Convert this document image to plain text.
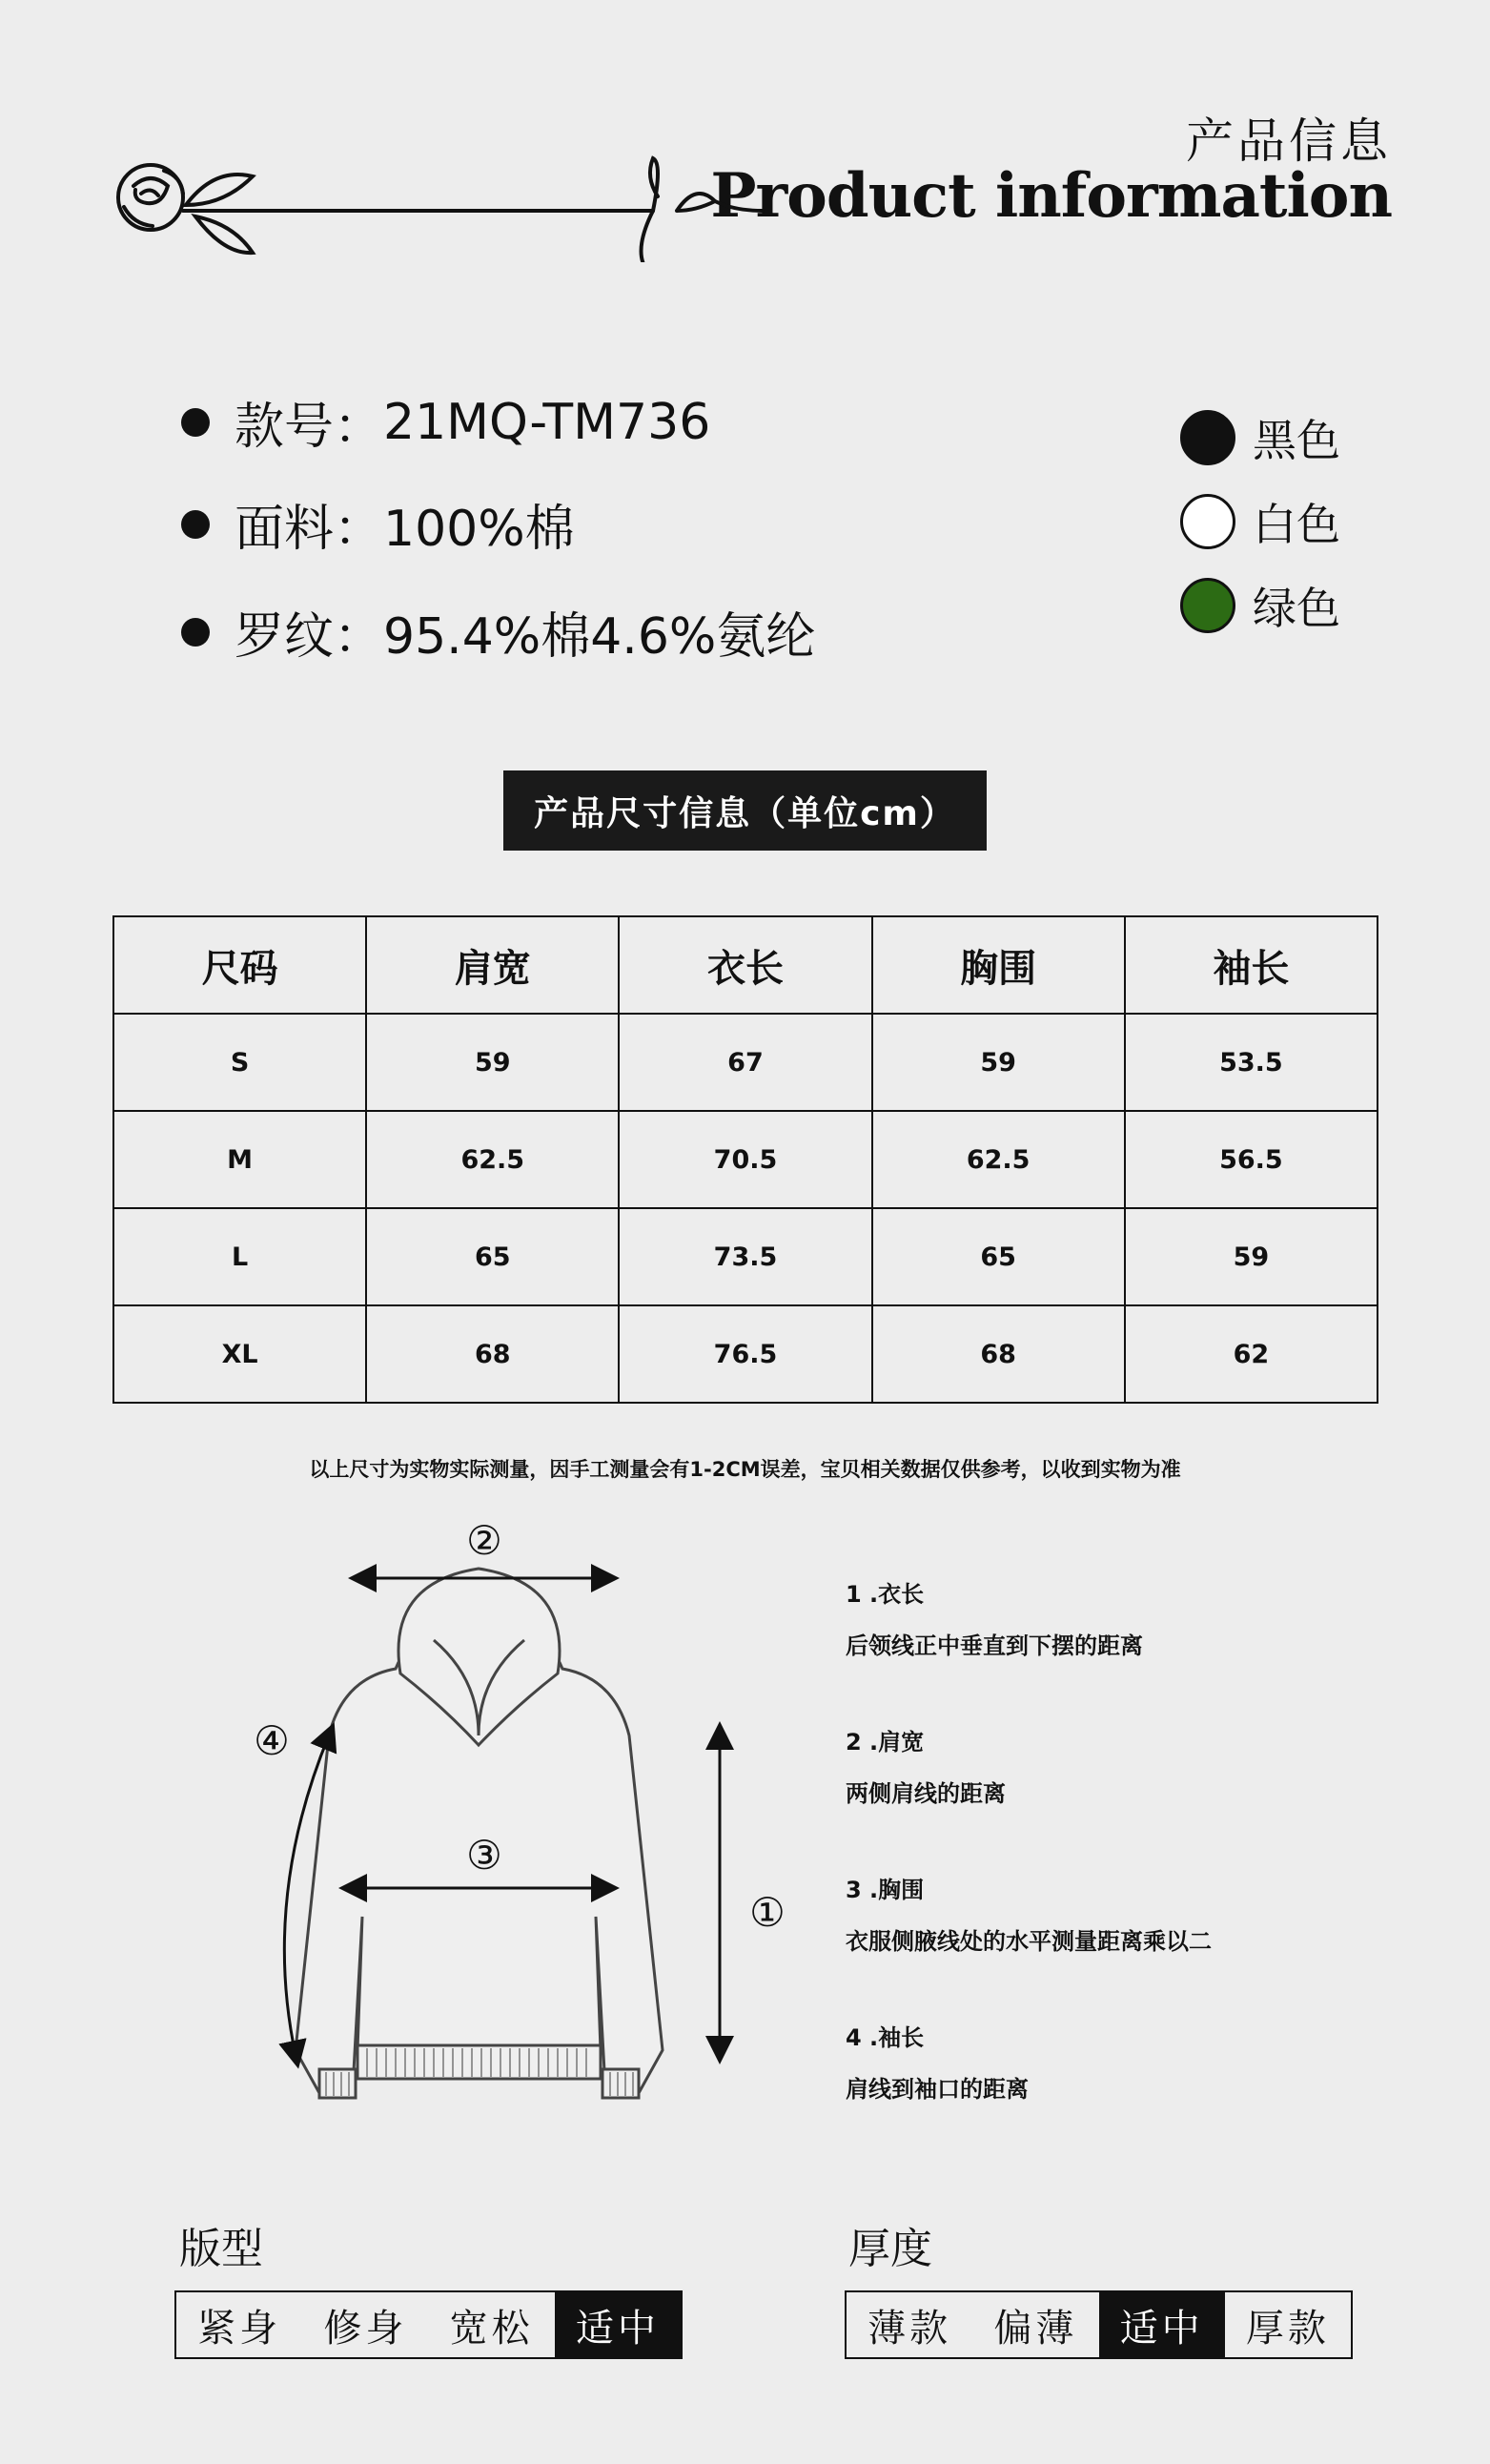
产品信息
Product information
款号： 21MQ-TM736
面料： 100%棉
罗纹： 95.4%棉4.6%氨纶
黑色
白色
绿色
产品尺寸信息（单位cm）
尺码	肩宽	衣长	胸围	袖长
S	59	67	59	53.5
M	62.5	70.5	62.5	56.5
L	65	73.5	65	59
XL	68	76.5	68	62
以上尺寸为实物实际测量，因手工测量会有1-2CM误差，宝贝相关数据仅供参考，以收到实物为准
②
③
①
④
1 .衣长
后领线正中垂直到下摆的距离
2 .肩宽
两侧肩线的距离
3 .胸围
衣服侧腋线处的水平测量距离乘以二
4 .袖长
肩线到袖口的距离
版型
紧身	修身	宽松	适中
厚度
薄款	偏薄	适中	厚款
